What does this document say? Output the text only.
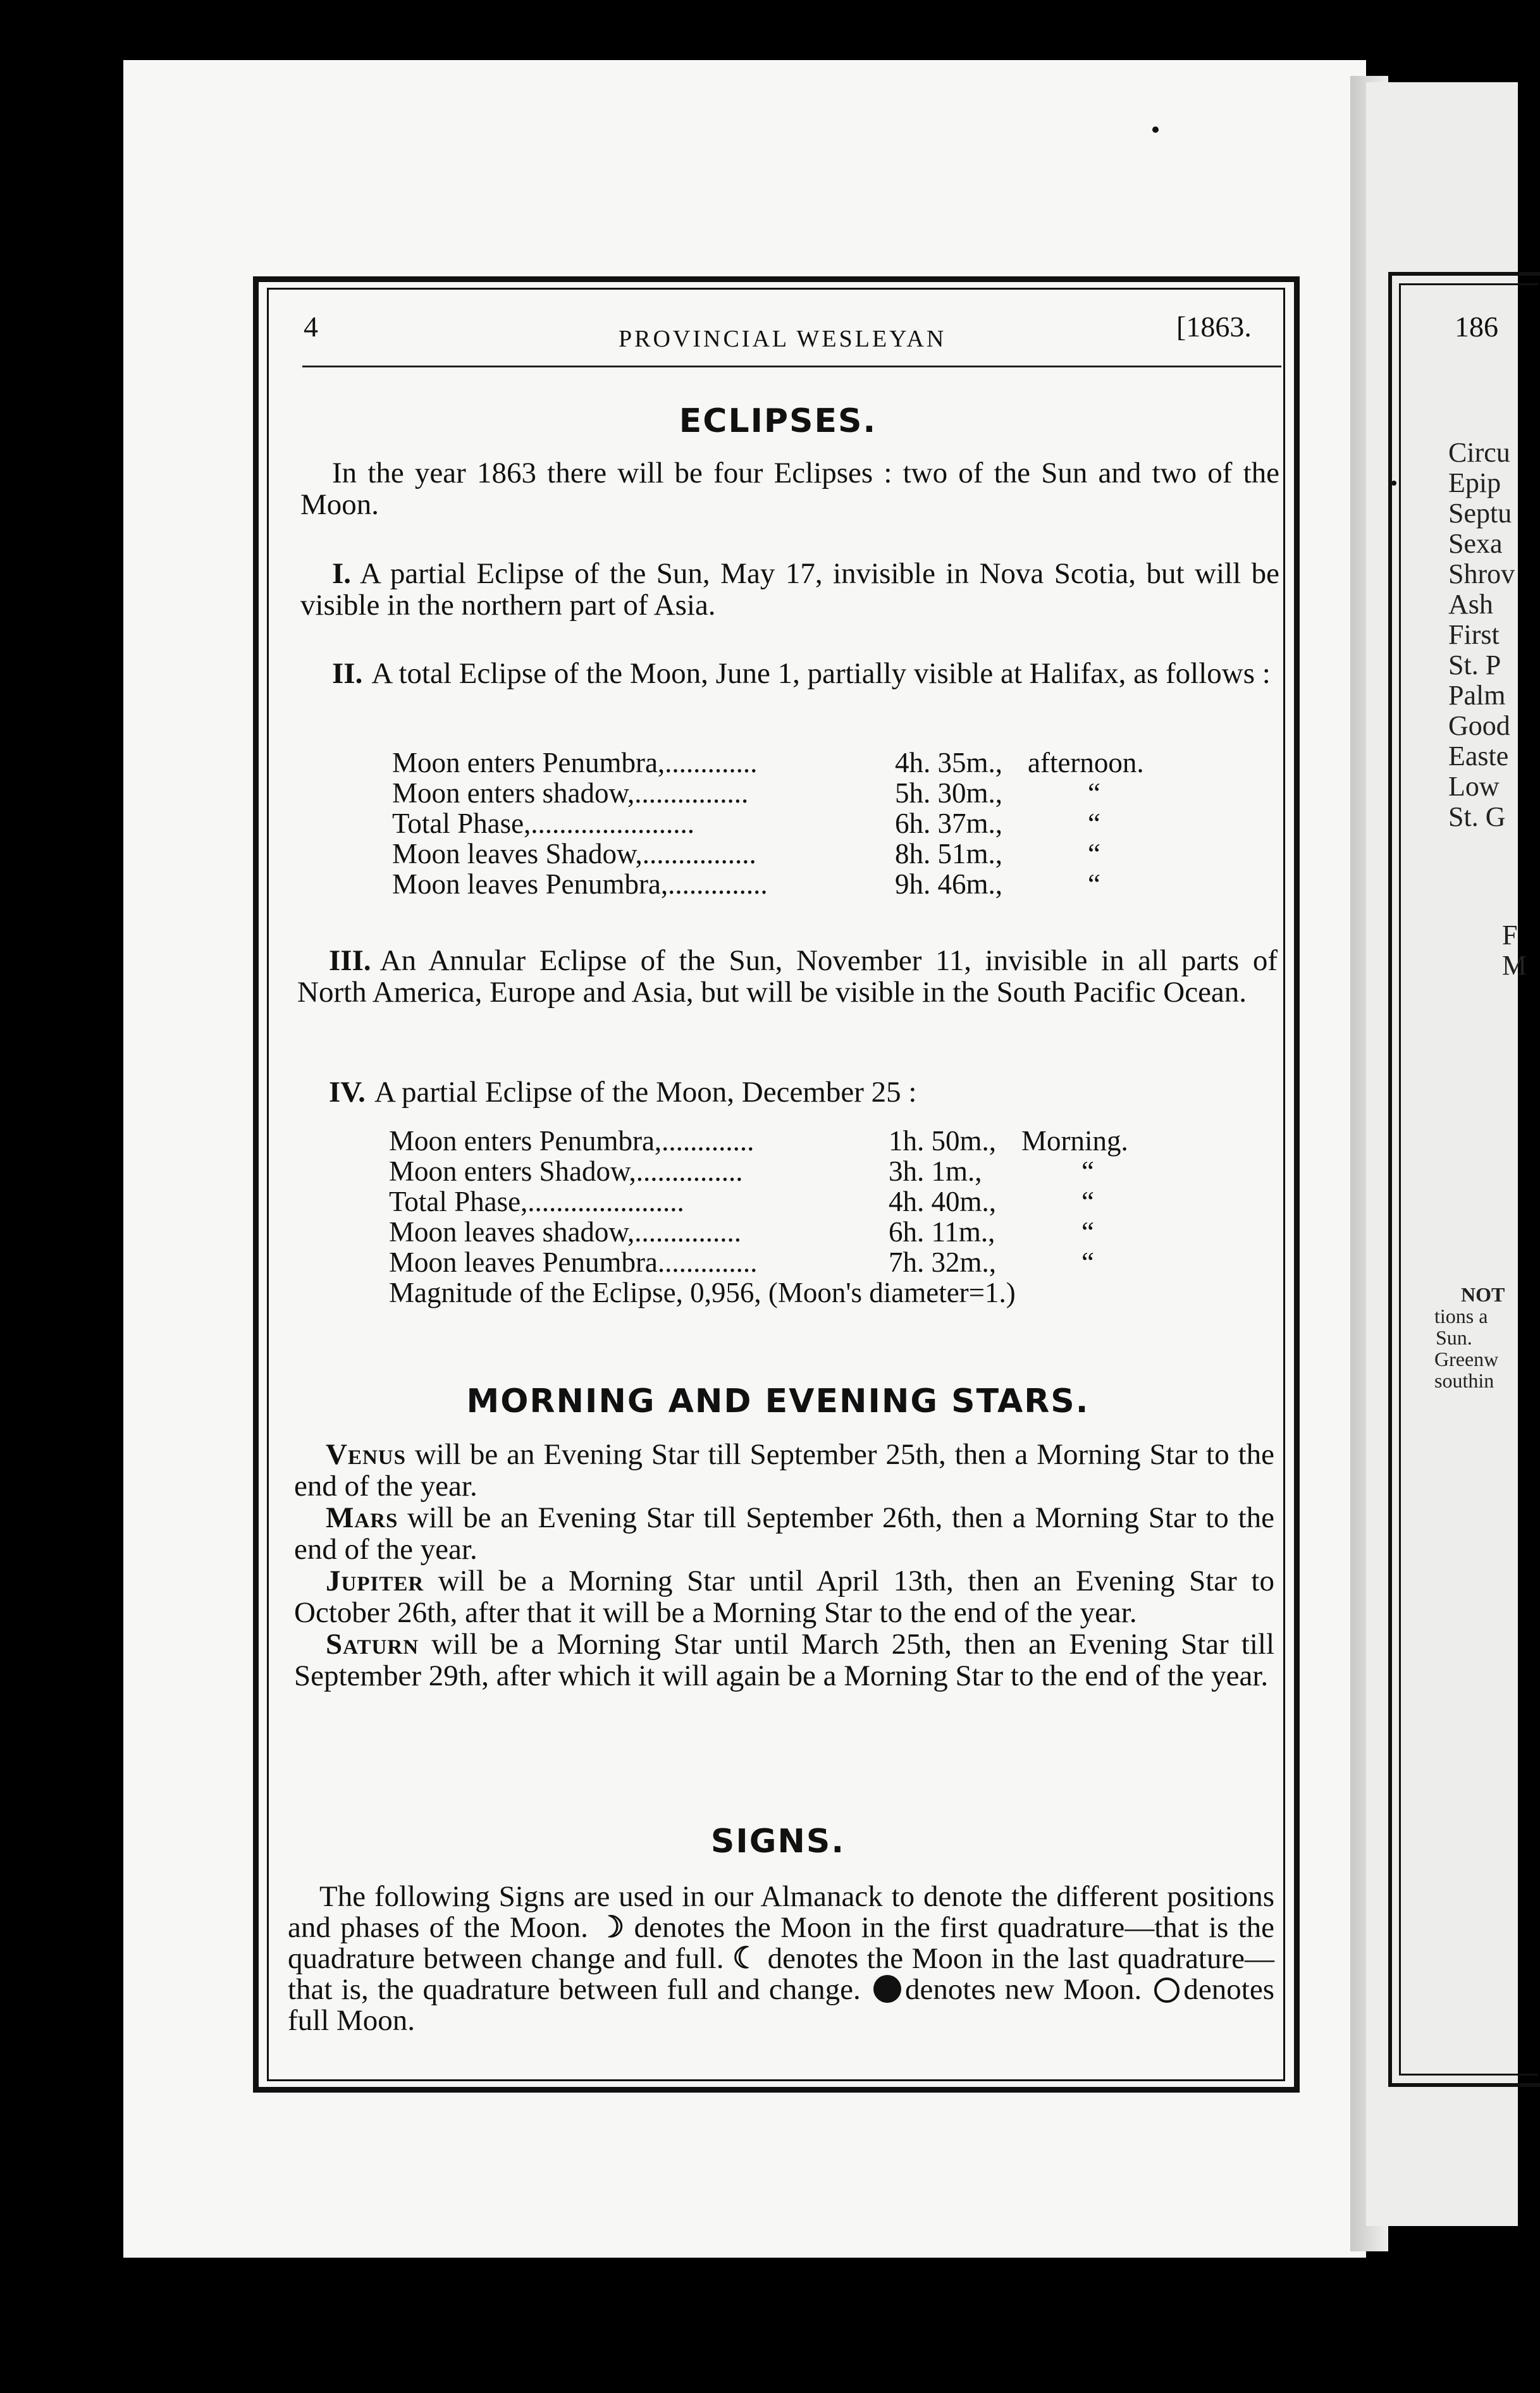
4	PROVINCIAL WESLEYAN	[1863.
ECLIPSES.
In the year 1863 there will be four Eclipses : two of the Sun and two of the Moon.
I. A partial Eclipse of the Sun, May 17, invisible in Nova Scotia, but will be visible in the northern part of Asia.
II. A total Eclipse of the Moon, June 1, partially visible at Halifax, as follows :
Moon enters Penumbra,.............	4h. 35m., afternoon.
Moon enters shadow,................	5h. 30m.,	“
Total Phase,.......................	6h. 37m.,	“
Moon leaves Shadow,................	8h. 51m.,	“
Moon leaves Penumbra,..............	9h. 46m.,	“
III. An Annular Eclipse of the Sun, November 11, invisible in all parts of North America, Europe and Asia, but will be visible in the South Pacific Ocean.
IV. A partial Eclipse of the Moon, December 25 :
Moon enters Penumbra,.............	1h. 50m., Morning.
Moon enters Shadow,...............	3h. 1m.,	“
Total Phase,......................	4h. 40m.,	“
Moon leaves shadow,...............	6h. 11m.,	“
Moon leaves Penumbra..............	7h. 32m.,	“
Magnitude of the Eclipse, 0,956, (Moon's diameter=1.)
MORNING AND EVENING STARS.

Venus will be an Evening Star till September 25th, then a Morning Star to the end of the year.

Mars will be an Evening Star till September 26th, then a Morning Star to the end of the year.

Jupiter will be a Morning Star until April 13th, then an Evening Star to October 26th, after that it will be a Morning Star to the end of the year.

Saturn will be a Morning Star until March 25th, then an Evening Star till September 29th, after which it will again be a Morning Star to the end of the year.

SIGNS.
The following Signs are used in our Almanack to denote the different positions and phases of the Moon. ☽ denotes the Moon in the first quadrature—that is the quadrature between change and full. ☾ denotes the Moon in the last quadrature—that is, the quadrature between full and change. denotes new Moon. denotes full Moon.
186
Circu
Epip
Septu
Sexa
Shrov
Ash
First
St. P
Palm
Good
Easte
Low
St. G
F
M
NOT
tions a
Sun.
Greenw
southin
